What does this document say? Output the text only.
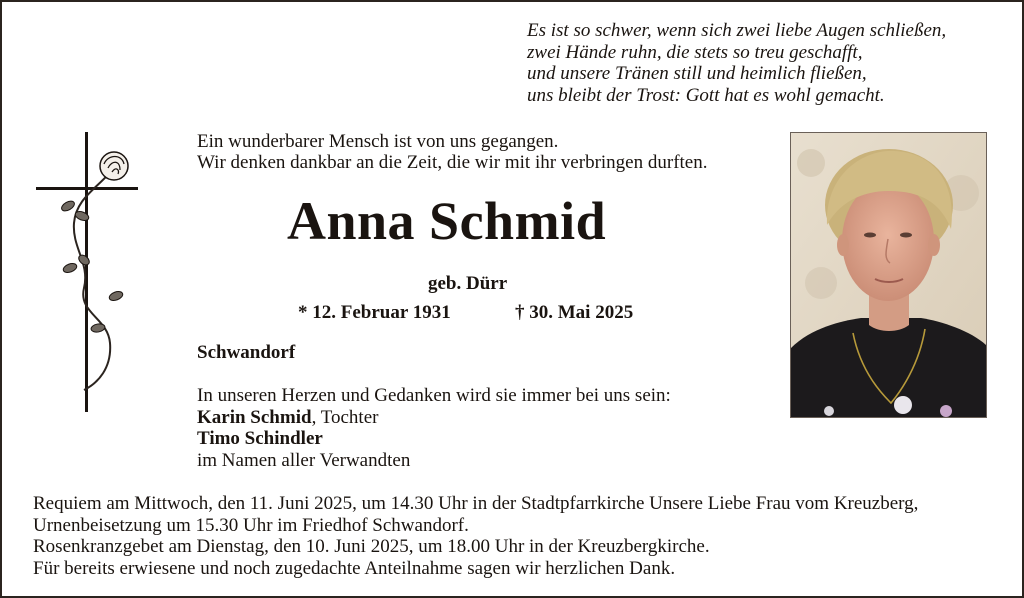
Es ist so schwer, wenn sich zwei liebe Augen schließen,
zwei Hände ruhn, die stets so treu geschafft,
und unsere Tränen still und heimlich fließen,
uns bleibt der Trost: Gott hat es wohl gemacht.
Ein wunderbarer Mensch ist von uns gegangen.
Wir denken dankbar an die Zeit, die wir mit ihr verbringen durften.
Anna Schmid
geb. Dürr
* 12. Februar 1931	† 30. Mai 2025
Schwandorf
In unseren Herzen und Gedanken wird sie immer bei uns sein:
Karin Schmid, Tochter
Timo Schindler
im Namen aller Verwandten
Requiem am Mittwoch, den 11. Juni 2025, um 14.30 Uhr in der Stadtpfarrkirche Unsere Liebe Frau vom Kreuzberg,
Urnenbeisetzung um 15.30 Uhr im Friedhof Schwandorf.
Rosenkranzgebet am Dienstag, den 10. Juni 2025, um 18.00 Uhr in der Kreuzbergkirche.
Für bereits erwiesene und noch zugedachte Anteilnahme sagen wir herzlichen Dank.
